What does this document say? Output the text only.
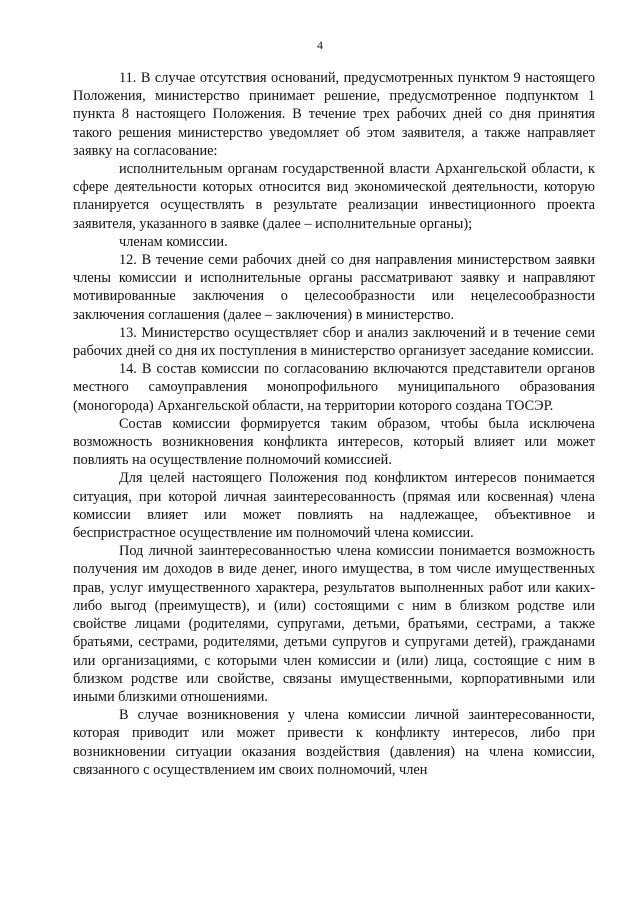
4

11. В случае отсутствия оснований, предусмотренных пунктом 9 настоящего Положения, министерство принимает решение, предусмотренное подпунктом 1 пункта 8 настоящего Положения. В течение трех рабочих дней со дня принятия такого решения министерство уведомляет об этом заявителя, а также направляет заявку на согласование:

исполнительным органам государственной власти Архангельской области, к сфере деятельности которых относится вид экономической деятельности, которую планируется осуществлять в результате реализации инвестиционного проекта заявителя, указанного в заявке (далее – исполнительные органы);

членам комиссии.

12. В течение семи рабочих дней со дня направления министерством заявки члены комиссии и исполнительные органы рассматривают заявку и направляют мотивированные заключения о целесообразности или нецелесообразности заключения соглашения (далее – заключения) в министерство.

13. Министерство осуществляет сбор и анализ заключений и в течение семи рабочих дней со дня их поступления в министерство организует заседание комиссии.

14. В состав комиссии по согласованию включаются представители органов местного самоуправления монопрофильного муниципального образования (моногорода) Архангельской области, на территории которого создана ТОСЭР.

Состав комиссии формируется таким образом, чтобы была исключена возможность возникновения конфликта интересов, который влияет или может повлиять на осуществление полномочий комиссией.

Для целей настоящего Положения под конфликтом интересов понимается ситуация, при которой личная заинтересованность (прямая или косвенная) члена комиссии влияет или может повлиять на надлежащее, объективное и беспристрастное осуществление им полномочий члена комиссии.

Под личной заинтересованностью члена комиссии понимается возможность получения им доходов в виде денег, иного имущества, в том числе имущественных прав, услуг имущественного характера, результатов выполненных работ или каких-либо выгод (преимуществ), и (или) состоящими с ним в близком родстве или свойстве лицами (родителями, супругами, детьми, братьями, сестрами, а также братьями, сестрами, родителями, детьми супругов и супругами детей), гражданами или организациями, с которыми член комиссии и (или) лица, состоящие с ним в близком родстве или свойстве, связаны имущественными, корпоративными или иными близкими отношениями.

В случае возникновения у члена комиссии личной заинтересованности, которая приводит или может привести к конфликту интересов, либо при возникновении ситуации оказания воздействия (давления) на члена комиссии, связанного с осуществлением им своих полномочий, член
